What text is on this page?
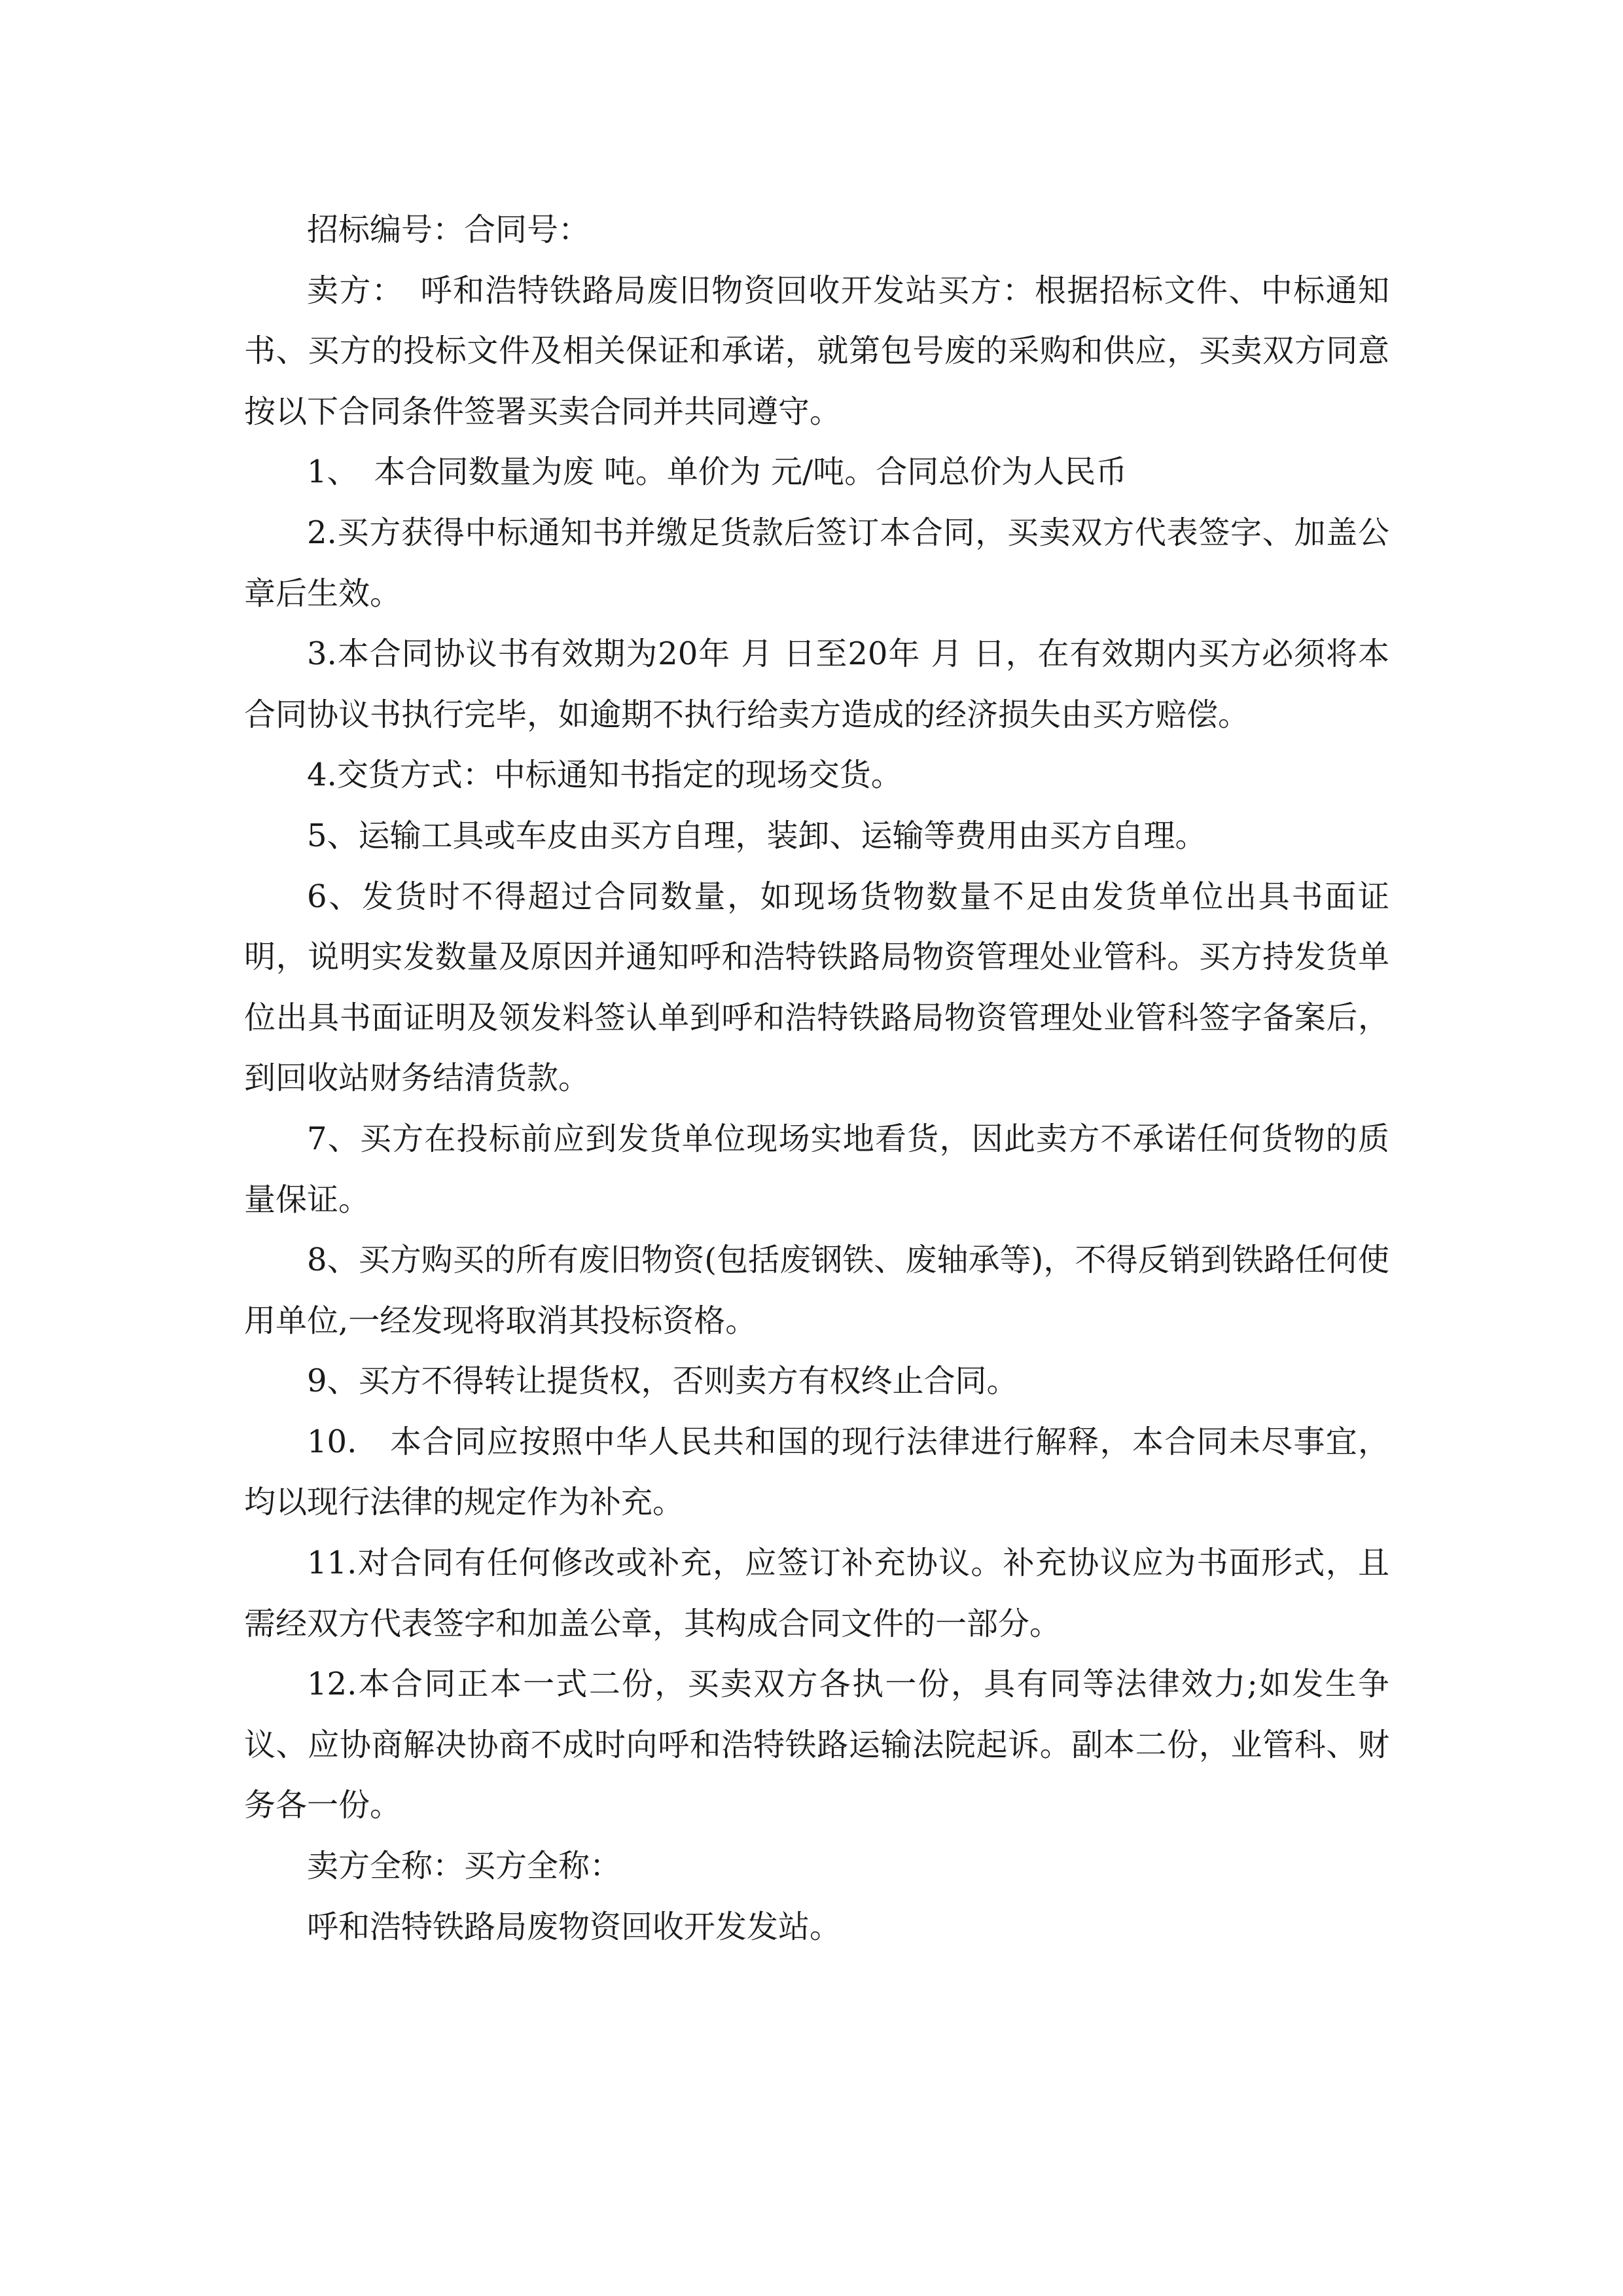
招标编号：合同号：

卖方：　呼和浩特铁路局废旧物资回收开发站买方：根据招标文件、中标通知书、买方的投标文件及相关保证和承诺，就第包号废的采购和供应，买卖双方同意按以下合同条件签署买卖合同并共同遵守。

1、　本合同数量为废 吨。单价为 元/吨。合同总价为人民币

2.买方获得中标通知书并缴足货款后签订本合同，买卖双方代表签字、加盖公章后生效。

3.本合同协议书有效期为20年 月 日至20年 月 日，在有效期内买方必须将本合同协议书执行完毕，如逾期不执行给卖方造成的经济损失由买方赔偿。

4.交货方式：中标通知书指定的现场交货。

5、运输工具或车皮由买方自理，装卸、运输等费用由买方自理。

6、发货时不得超过合同数量，如现场货物数量不足由发货单位出具书面证明，说明实发数量及原因并通知呼和浩特铁路局物资管理处业管科。买方持发货单位出具书面证明及领发料签认单到呼和浩特铁路局物资管理处业管科签字备案后，到回收站财务结清货款。

7、买方在投标前应到发货单位现场实地看货，因此卖方不承诺任何货物的质量保证。

8、买方购买的所有废旧物资(包括废钢铁、废轴承等)，不得反销到铁路任何使用单位,一经发现将取消其投标资格。

9、买方不得转让提货权，否则卖方有权终止合同。

10.　本合同应按照中华人民共和国的现行法律进行解释，本合同未尽事宜，均以现行法律的规定作为补充。

11.对合同有任何修改或补充，应签订补充协议。补充协议应为书面形式，且需经双方代表签字和加盖公章，其构成合同文件的一部分。

12.本合同正本一式二份，买卖双方各执一份，具有同等法律效力;如发生争议、应协商解决协商不成时向呼和浩特铁路运输法院起诉。副本二份，业管科、财务各一份。

卖方全称：买方全称：

呼和浩特铁路局废物资回收开发发站。
